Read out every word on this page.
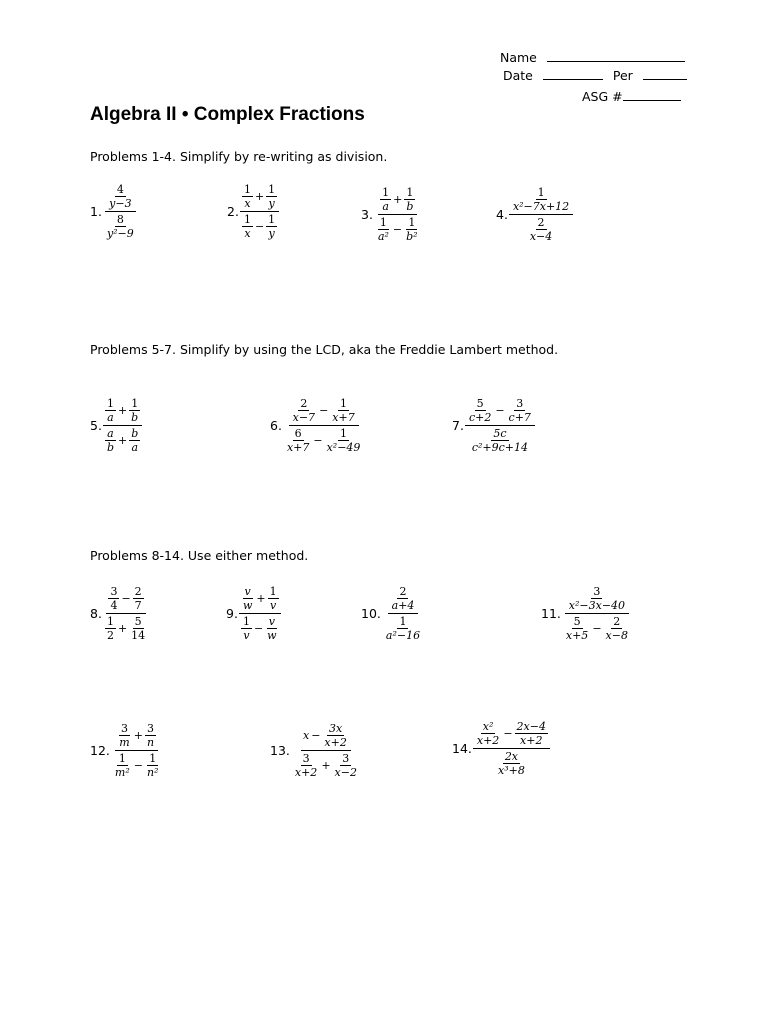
Name
Date	Per
ASG #
Algebra II • Complex Fractions
Problems 1-4. Simplify by re-writing as division.
Problems 5-7. Simplify by using the LCD, aka the Freddie Lambert method.
Problems 8-14. Use either method.
1. $\frac{\frac{4}{y-3}}{\frac{8}{\text{y²−9}}}$	2. $\frac{\frac{1}{x} + \frac{1}{y}}{\frac{1}{x} - \frac{1}{y}}$	3. $\frac{\frac{1}{a} + \frac{1}{b}}{\frac{1}{\text{a²}} - \frac{1}{\text{b²}}}$	4. $\frac{\frac{1}{\text{x²−7x+12}}}{\frac{2}{x-4}}$
5. $\frac{\frac{1}{a} + \frac{1}{b}}{\frac{a}{b} + \frac{b}{a}}$	6. $\frac{\frac{2}{x-7} - \frac{1}{x+7}}{\frac{6}{x+7} - \frac{1}{\text{x²−49}}}$	7. $\frac{\frac{5}{c+2} - \frac{3}{c+7}}{\frac{5c}{\text{c²+9c+14}}}$
8. $\frac{\frac{3}{4} - \frac{2}{7}}{\frac{1}{2} + \frac{5}{14}}$	9. $\frac{\frac{v}{w} + \frac{1}{v}}{\frac{1}{v} - \frac{v}{w}}$	10. $\frac{\frac{2}{a+4}}{\frac{1}{\text{a²−16}}}$	11. $\frac{\frac{3}{\text{x²−3x−40}}}{\frac{5}{x+5} - \frac{2}{x-8}}$
12. $\frac{\frac{3}{m} + \frac{3}{n}}{\frac{1}{\text{m²}} - \frac{1}{\text{n²}}}$	13. $\frac{x - \frac{3x}{x+2}}{\frac{3}{x+2} + \frac{3}{x-2}}$	14. $\frac{\frac{\text{x²}}{x+2} - \frac{2x-4}{x+2}}{\frac{2x}{\text{x³+8}}}$
